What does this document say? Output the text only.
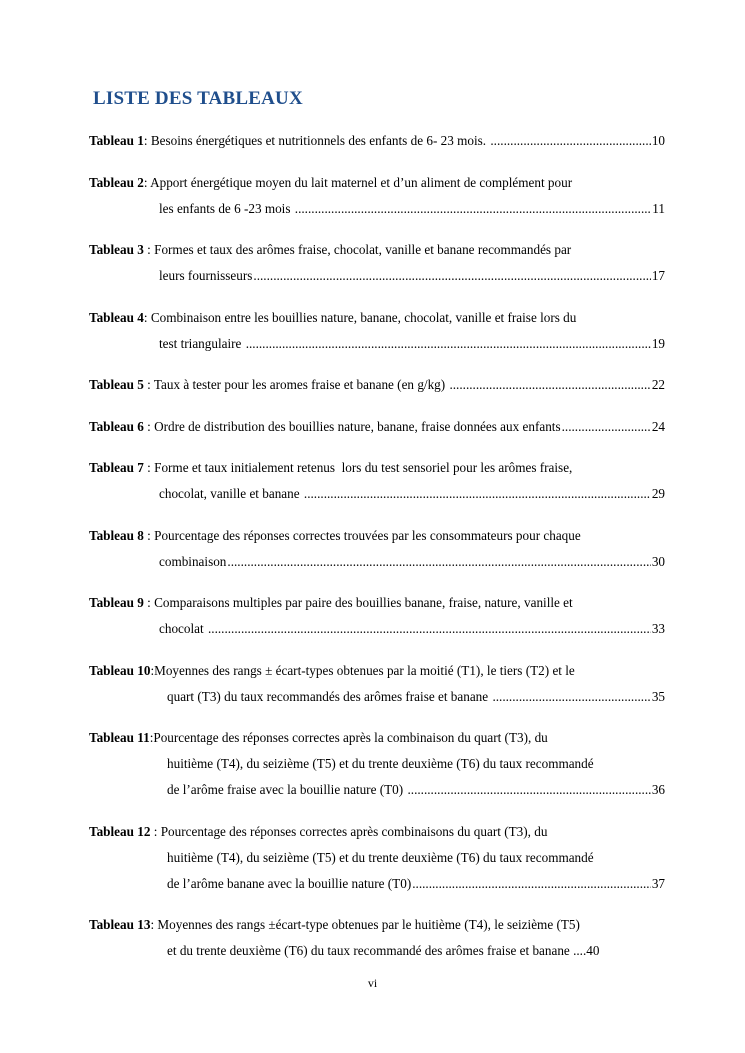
LISTE DES TABLEAUX
Tableau 1 : Besoins énergétiques et nutritionnels des enfants de 6- 23 mois. .....	10
Tableau 2 : Apport énergétique moyen du lait maternel et d’un aliment de complément pour
les enfants de 6 -23 mois .....	11
Tableau 3 : Formes et taux des arômes fraise, chocolat, vanille et banane recommandés par
leurs fournisseurs .....	17
Tableau 4 : Combinaison entre les bouillies nature, banane, chocolat, vanille et fraise lors du
test triangulaire .....	19
Tableau 5 : Taux à tester pour les aromes fraise et banane (en g/kg) .....	22
Tableau 6 : Ordre de distribution des bouillies nature, banane, fraise données aux enfants .....	24
Tableau 7 : Forme et taux initialement retenus  lors du test sensoriel pour les arômes fraise,
chocolat, vanille et banane .....	29
Tableau 8 : Pourcentage des réponses correctes trouvées par les consommateurs pour chaque
combinaison .....	30
Tableau 9 : Comparaisons multiples par paire des bouillies banane, fraise, nature, vanille et
chocolat .....	33
Tableau 10 :Moyennes des rangs ± écart-types obtenues par la moitié (T1), le tiers (T2) et le
quart (T3) du taux recommandés des arômes fraise et banane .....	35
Tableau 11 :Pourcentage des réponses correctes après la combinaison du quart (T3), du
huitième (T4), du seizième (T5) et du trente deuxième (T6) du taux recommandé
de l’arôme fraise avec la bouillie nature (T0) .....	36
Tableau 12 : Pourcentage des réponses correctes après combinaisons du quart (T3), du
huitième (T4), du seizième (T5) et du trente deuxième (T6) du taux recommandé
de l’arôme banane avec la bouillie nature (T0) .....	37
Tableau 13 : Moyennes des rangs ±écart-type obtenues par le huitième (T4), le seizième (T5)
et du trente deuxième (T6) du taux recommandé des arômes fraise et banane .... 40
vi
